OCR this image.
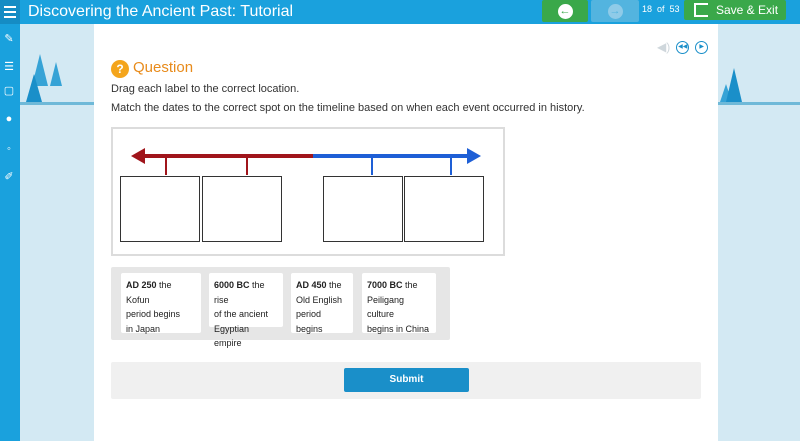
Discovering the Ancient Past: Tutorial	←	→ 18 of 53	Save & Exit
✎
☰
▢
●
◦
✐
◀)	◀◀	▶
? Question
Drag each label to the correct location.
Match the dates to the correct spot on the timeline based on when each event occurred in history.
AD 250 the Kofun
period begins
in Japan
6000 BC the rise
of the ancient
Egyptian empire
AD 450 the
Old English
period begins
7000 BC the
Peiligang culture
begins in China
Submit
